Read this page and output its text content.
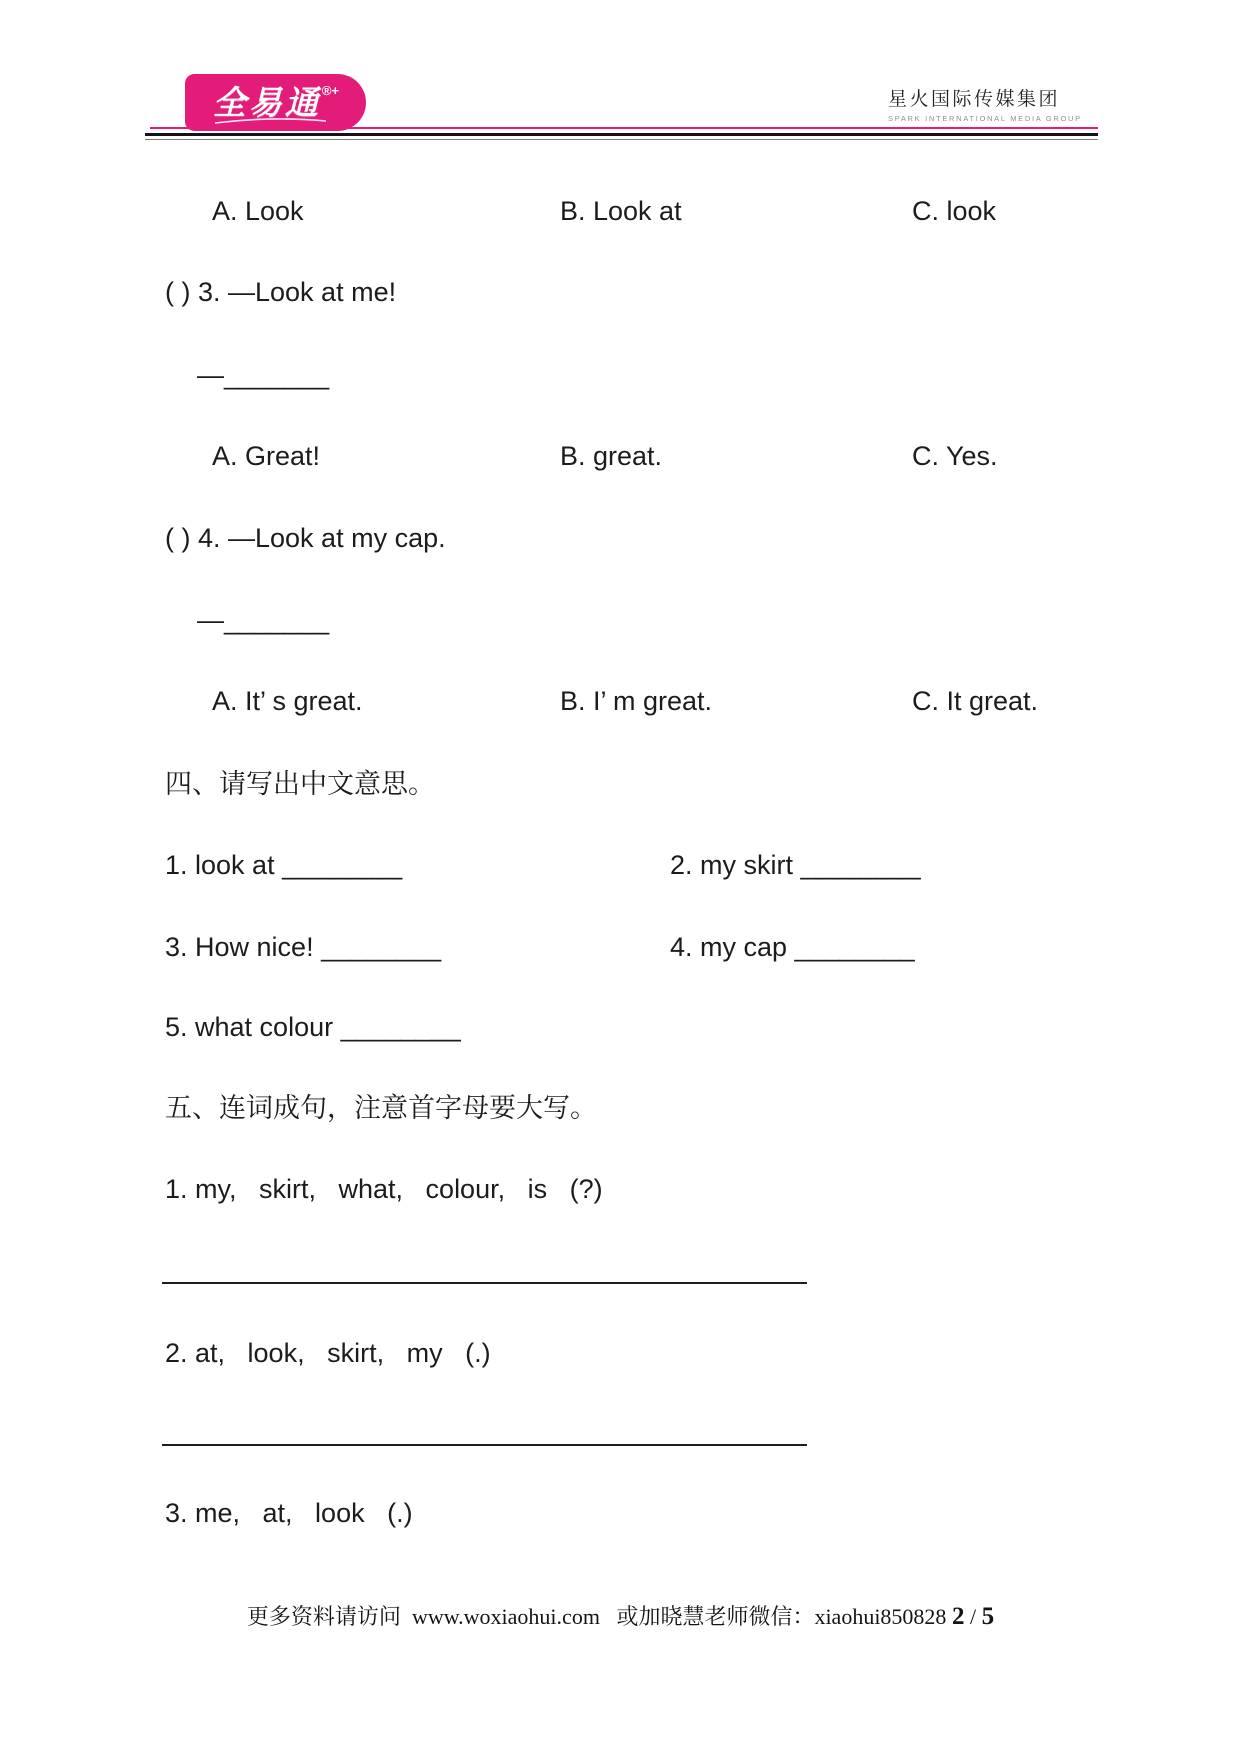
全易通 ®+	星火国际传媒集团
SPARK INTERNATIONAL MEDIA GROUP
A. Look	B. Look at	C. look
( ) 3. —Look at me!
—_______
A. Great!	B. great.	C. Yes.
( ) 4. —Look at my cap.
—_______
A. It’ s great.	B. I’ m great.	C. It great.
四、请写出中文意思。
1. look at ________	2. my skirt ________
3. How nice! ________	4. my cap ________
5. what colour ________
五、连词成句，注意首字母要大写。
1. my,   skirt,   what,   colour,   is   (?)
2. at,   look,   skirt,   my   (.)
3. me,   at,   look   (.)
更多资料请访问  www.woxiaohui.com   或加晓慧老师微信：xiaohui850828 2 / 5
